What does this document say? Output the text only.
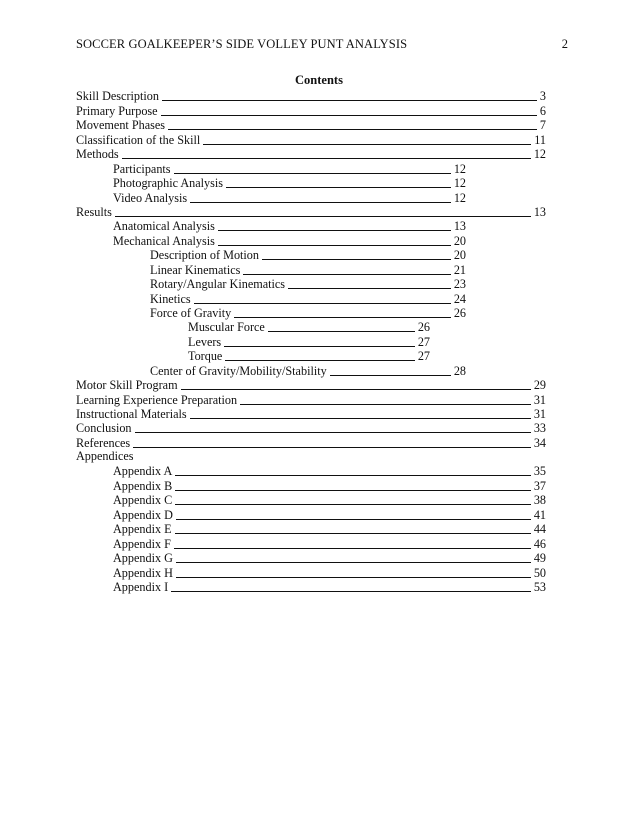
SOCCER GOALKEEPER’S SIDE VOLLEY PUNT ANALYSIS	2
Contents
Skill Description	3
Primary Purpose	6
Movement Phases	7
Classification of the Skill	11
Methods	12
Participants	12
Photographic Analysis	12
Video Analysis	12
Results	13
Anatomical Analysis	13
Mechanical Analysis	20
Description of Motion	20
Linear Kinematics	21
Rotary/Angular Kinematics	23
Kinetics	24
Force of Gravity	26
Muscular Force	26
Levers	27
Torque	27
Center of Gravity/Mobility/Stability	28
Motor Skill Program	29
Learning Experience Preparation	31
Instructional Materials	31
Conclusion	33
References	34
Appendix A	35
Appendix B	37
Appendix C	38
Appendix D	41
Appendix E	44
Appendix F	46
Appendix G	49
Appendix H	50
Appendix I	53
Appendices
